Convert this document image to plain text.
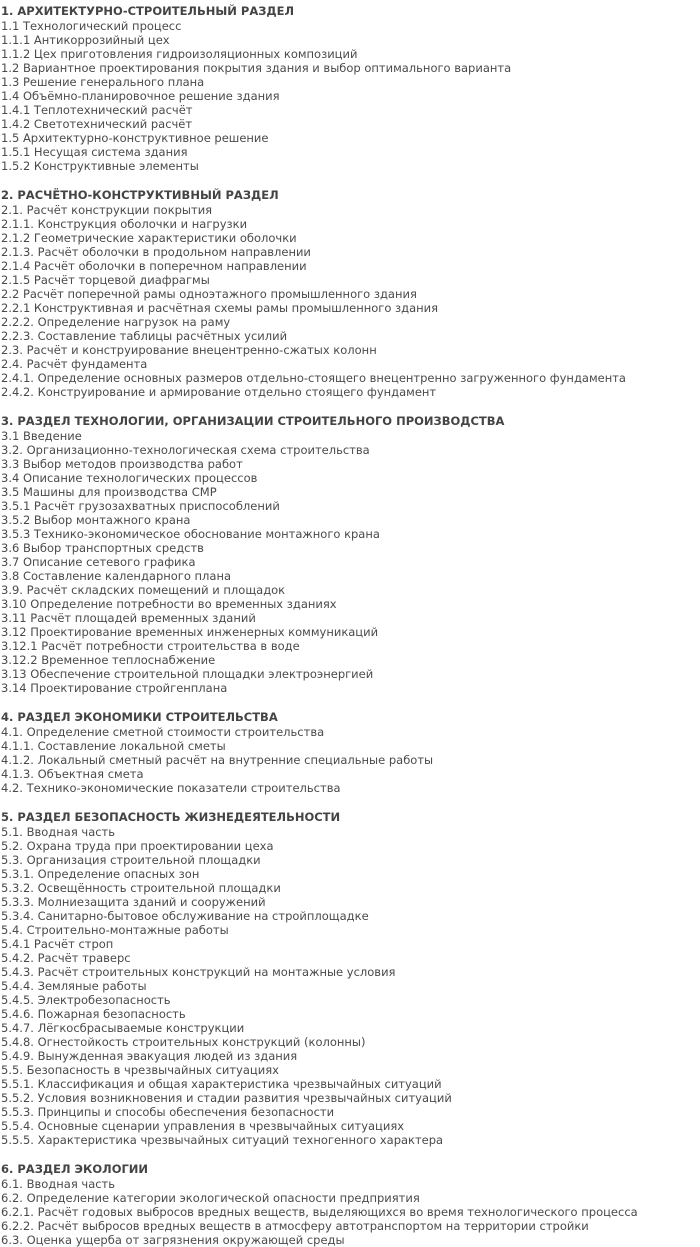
1. АРХИТЕКТУРНО-СТРОИТЕЛЬНЫЙ РАЗДЕЛ
1.1 Технологический процесс
1.1.1 Антикоррозийный цех
1.1.2 Цех приготовления гидроизоляционных композиций
1.2 Вариантное проектирования покрытия здания и выбор оптимального варианта
1.3 Решение генерального плана
1.4 Объёмно-планировочное решение здания
1.4.1 Теплотехнический расчёт
1.4.2 Светотехнический расчёт
1.5 Архитектурно-конструктивное решение
1.5.1 Несущая система здания
1.5.2 Конструктивные элементы
2. РАСЧЁТНО-КОНСТРУКТИВНЫЙ РАЗДЕЛ
2.1. Расчёт конструкции покрытия
2.1.1. Конструкция оболочки и нагрузки
2.1.2 Геометрические характеристики оболочки
2.1.3. Расчёт оболочки в продольном направлении
2.1.4 Расчёт оболочки в поперечном направлении
2.1.5 Расчёт торцевой диафрагмы
2.2 Расчёт поперечной рамы одноэтажного промышленного здания
2.2.1 Конструктивная и расчётная схемы рамы промышленного здания
2.2.2. Определение нагрузок на раму
2.2.3. Составление таблицы расчётных усилий
2.3. Расчёт и конструирование внецентренно-сжатых колонн
2.4. Расчёт фундамента
2.4.1. Определение основных размеров отдельно-стоящего внецентренно загруженного фундамента
2.4.2. Конструирование и армирование отдельно стоящего фундамент
3. РАЗДЕЛ ТЕХНОЛОГИИ, ОРГАНИЗАЦИИ СТРОИТЕЛЬНОГО ПРОИЗВОДСТВА
3.1 Введение
3.2. Организационно-технологическая схема строительства
3.3 Выбор методов производства работ
3.4 Описание технологических процессов
3.5 Машины для производства СМР
3.5.1 Расчёт грузозахватных приспособлений
3.5.2 Выбор монтажного крана
3.5.3 Технико-экономическое обоснование монтажного крана
3.6 Выбор транспортных средств
3.7 Описание сетевого графика
3.8 Составление календарного плана
3.9. Расчёт складских помещений и площадок
3.10 Определение потребности во временных зданиях
3.11 Расчёт площадей временных зданий
3.12 Проектирование временных инженерных коммуникаций
3.12.1 Расчёт потребности строительства в воде
3.12.2 Временное теплоснабжение
3.13 Обеспечение строительной площадки электроэнергией
3.14 Проектирование стройгенплана
4. РАЗДЕЛ ЭКОНОМИКИ СТРОИТЕЛЬСТВА
4.1. Определение сметной стоимости строительства
4.1.1. Составление локальной сметы
4.1.2. Локальный сметный расчёт на внутренние специальные работы
4.1.3. Объектная смета
4.2. Технико-экономические показатели строительства
5. РАЗДЕЛ БЕЗОПАСНОСТЬ ЖИЗНЕДЕЯТЕЛЬНОСТИ
5.1. Вводная часть
5.2. Охрана труда при проектировании цеха
5.3. Организация строительной площадки
5.3.1. Определение опасных зон
5.3.2. Освещённость строительной площадки
5.3.3. Молниезащита зданий и сооружений
5.3.4. Санитарно-бытовое обслуживание на стройплощадке
5.4. Строительно-монтажные работы
5.4.1 Расчёт строп
5.4.2. Расчёт траверс
5.4.3. Расчёт строительных конструкций на монтажные условия
5.4.4. Земляные работы
5.4.5. Электробезопасность
5.4.6. Пожарная безопасность
5.4.7. Лёгкосбрасываемые конструкции
5.4.8. Огнестойкость строительных конструкций (колонны)
5.4.9. Вынужденная эвакуация людей из здания
5.5. Безопасность в чрезвычайных ситуациях
5.5.1. Классификация и общая характеристика чрезвычайных ситуаций
5.5.2. Условия возникновения и стадии развития чрезвычайных ситуаций
5.5.3. Принципы и способы обеспечения безопасности
5.5.4. Основные сценарии управления в чрезвычайных ситуациях
5.5.5. Характеристика чрезвычайных ситуаций техногенного характера
6. РАЗДЕЛ ЭКОЛОГИИ
6.1. Вводная часть
6.2. Определение категории экологической опасности предприятия
6.2.1. Расчёт годовых выбросов вредных веществ, выделяющихся во время технологического процесса
6.2.2. Расчёт выбросов вредных веществ в атмосферу автотранспортом на территории стройки
6.3. Оценка ущерба от загрязнения окружающей среды
